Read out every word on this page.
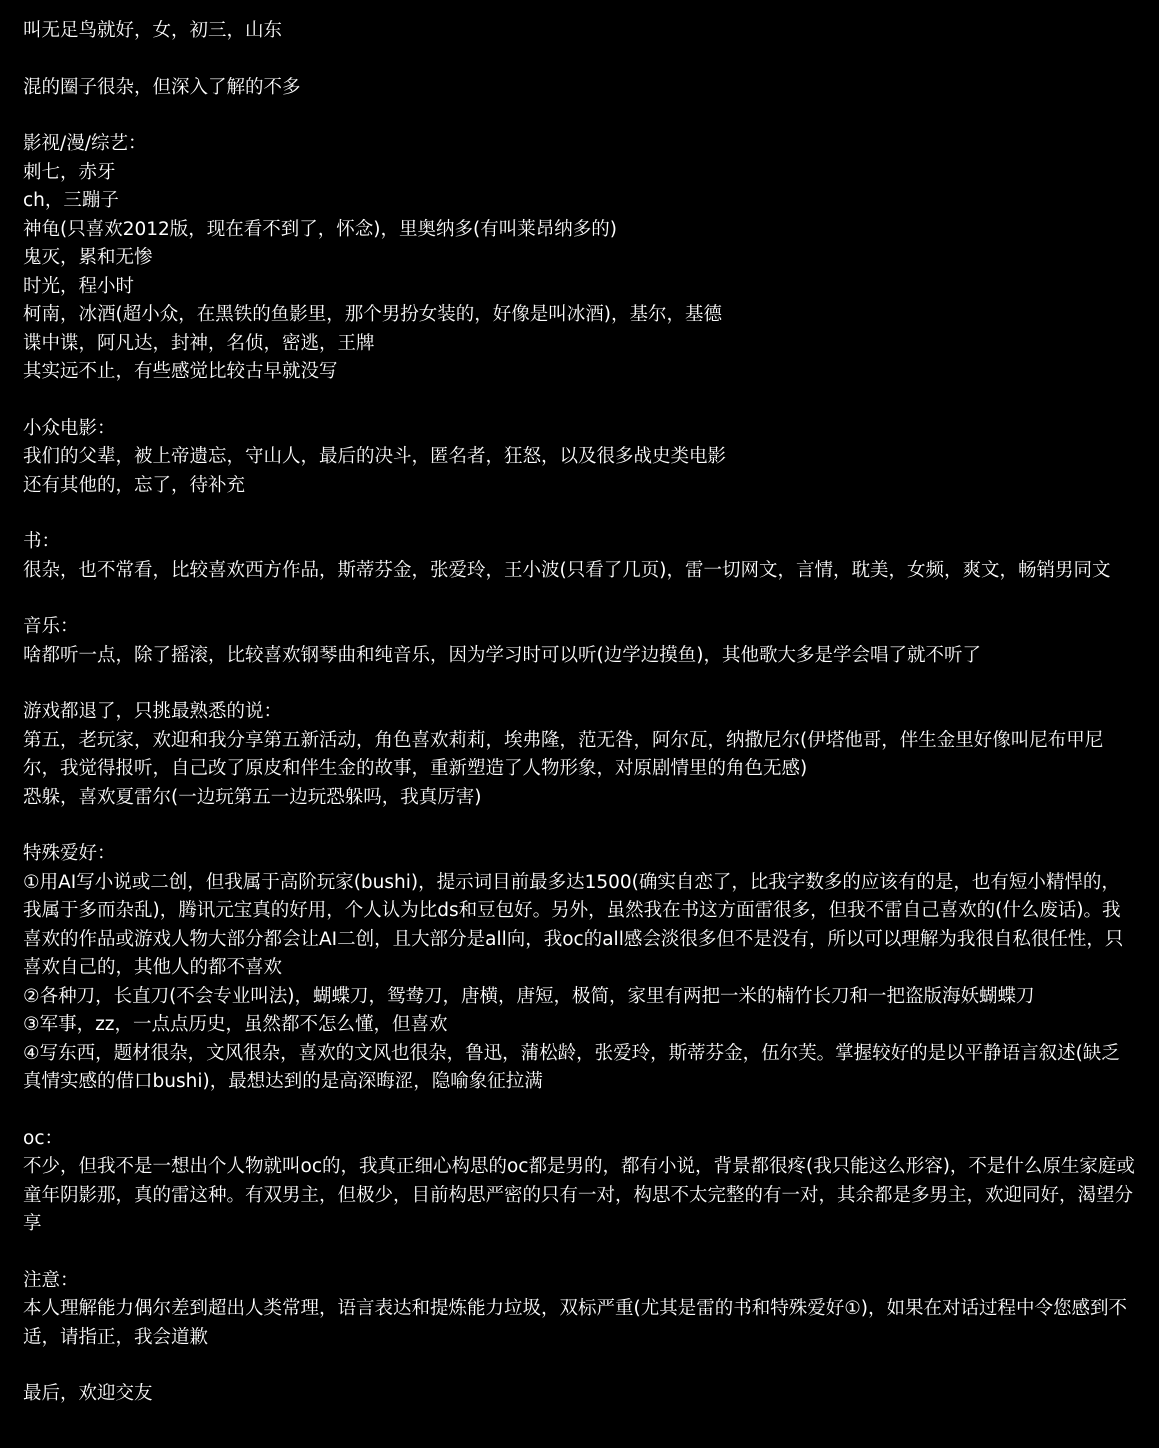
叫无足鸟就好，女，初三，山东
混的圈子很杂，但深入了解的不多
影视/漫/综艺：
刺七，赤牙
ch，三蹦子
神龟(只喜欢2012版，现在看不到了，怀念)，里奥纳多(有叫莱昂纳多的)
鬼灭，累和无惨
时光，程小时
柯南，冰酒(超小众，在黑铁的鱼影里，那个男扮女装的，好像是叫冰酒)，基尔，基德
谍中谍，阿凡达，封神，名侦，密逃，王牌
其实远不止，有些感觉比较古早就没写
小众电影：
我们的父辈，被上帝遗忘，守山人，最后的决斗，匿名者，狂怒，以及很多战史类电影
还有其他的，忘了，待补充
书：
很杂，也不常看，比较喜欢西方作品，斯蒂芬金，张爱玲，王小波(只看了几页)，雷一切网文，言情，耽美，女频，爽文，畅销男同文
音乐：
啥都听一点，除了摇滚，比较喜欢钢琴曲和纯音乐，因为学习时可以听(边学边摸鱼)，其他歌大多是学会唱了就不听了
游戏都退了，只挑最熟悉的说：
第五，老玩家，欢迎和我分享第五新活动，角色喜欢莉莉，埃弗隆，范无咎，阿尔瓦，纳撒尼尔(伊塔他哥，伴生金里好像叫尼布甲尼尔，我觉得报听，自己改了原皮和伴生金的故事，重新塑造了人物形象，对原剧情里的角色无感)
恐躲，喜欢夏雷尔(一边玩第五一边玩恐躲吗，我真厉害)
特殊爱好：
①用AI写小说或二创，但我属于高阶玩家(bushi)，提示词目前最多达1500(确实自恋了，比我字数多的应该有的是，也有短小精悍的，我属于多而杂乱)，腾讯元宝真的好用，个人认为比ds和豆包好。另外，虽然我在书这方面雷很多，但我不雷自己喜欢的(什么废话)。我喜欢的作品或游戏人物大部分都会让AI二创，且大部分是all向，我oc的all感会淡很多但不是没有，所以可以理解为我很自私很任性，只喜欢自己的，其他人的都不喜欢
②各种刀，长直刀(不会专业叫法)，蝴蝶刀，鸳鸯刀，唐横，唐短，极简，家里有两把一米的楠竹长刀和一把盗版海妖蝴蝶刀
③军事，zz，一点点历史，虽然都不怎么懂，但喜欢
④写东西，题材很杂，文风很杂，喜欢的文风也很杂，鲁迅，蒲松龄，张爱玲，斯蒂芬金，伍尔芙。掌握较好的是以平静语言叙述(缺乏真情实感的借口bushi)，最想达到的是高深晦涩，隐喻象征拉满
oc：
不少，但我不是一想出个人物就叫oc的，我真正细心构思的oc都是男的，都有小说，背景都很疼(我只能这么形容)，不是什么原生家庭或童年阴影那，真的雷这种。有双男主，但极少，目前构思严密的只有一对，构思不太完整的有一对，其余都是多男主，欢迎同好，渴望分享
注意：
本人理解能力偶尔差到超出人类常理，语言表达和提炼能力垃圾，双标严重(尤其是雷的书和特殊爱好①)，如果在对话过程中令您感到不适，请指正，我会道歉
最后，欢迎交友
